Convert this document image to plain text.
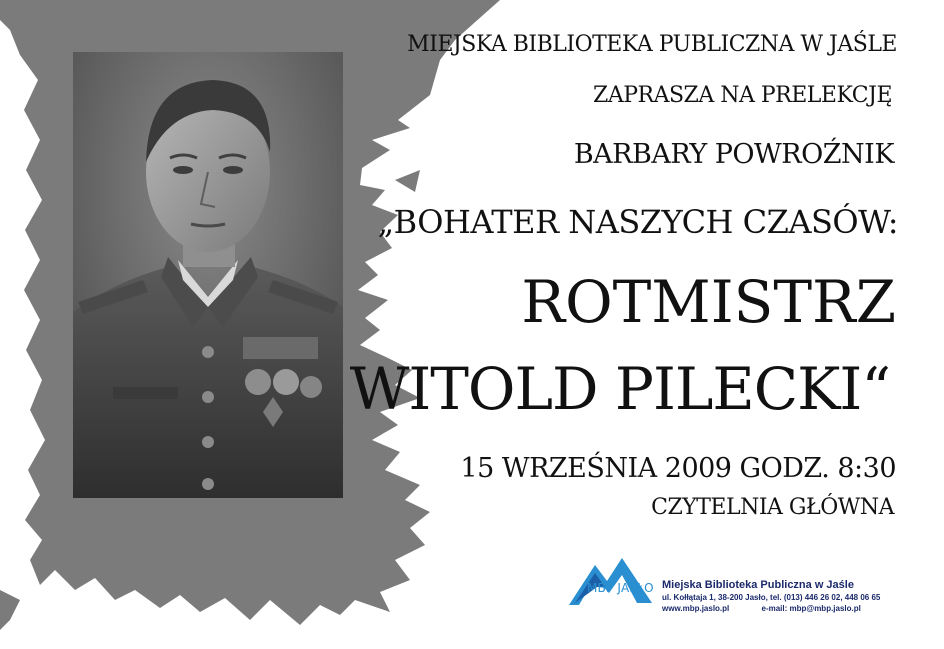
MIEJSKA BIBLIOTEKA PUBLICZNA W JAŚLE
ZAPRASZA NA PRELEKCJĘ
BARBARY POWROŹNIK
„BOHATER NASZYCH CZASÓW:
ROTMISTRZ
WITOLD PILECKI“
15 WRZEŚNIA 2009 GODZ. 8:30
CZYTELNIA GŁÓWNA
MBP JASŁO Miejska Biblioteka Publiczna w Jaśle
ul. Kołłątaja 1, 38-200 Jasło, tel. (013) 446 26 02, 448 06 65
www.mbp.jaslo.pl	e-mail: mbp@mbp.jaslo.pl
